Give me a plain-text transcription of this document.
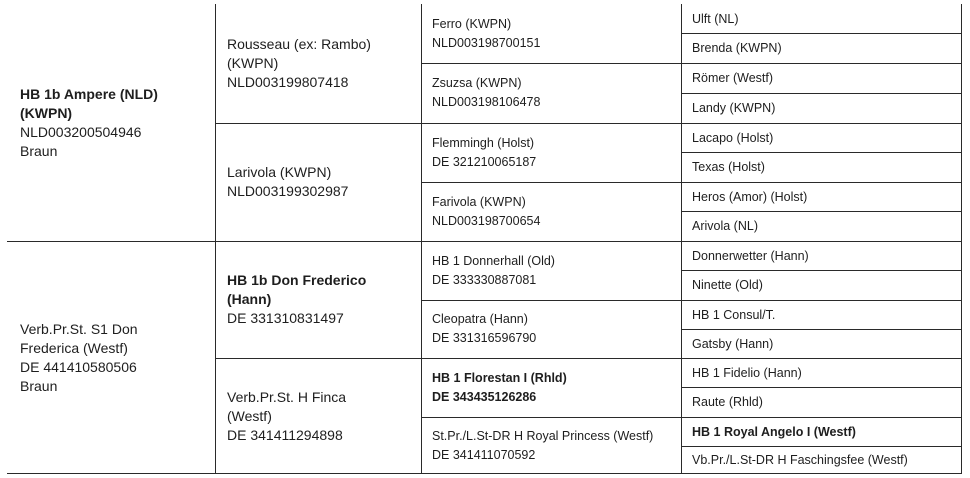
HB 1b Ampere (NLD)
(KWPN)
NLD003200504946
Braun
Verb.Pr.St. S1 Don
Frederica (Westf)
DE 441410580506
Braun
Rousseau (ex: Rambo)
(KWPN)
NLD003199807418
Larivola (KWPN)
NLD003199302987
HB 1b Don Frederico
(Hann)
DE 331310831497
Verb.Pr.St. H Finca
(Westf)
DE 341411294898
Ferro (KWPN)
NLD003198700151
Zsuzsa (KWPN)
NLD003198106478
Flemmingh (Holst)
DE 321210065187
Farivola (KWPN)
NLD003198700654
HB 1 Donnerhall (Old)
DE 333330887081
Cleopatra (Hann)
DE 331316596790
HB 1 Florestan I (Rhld)
DE 343435126286
St.Pr./L.St-DR H Royal Princess (Westf)
DE 341411070592
Ulft (NL)
Brenda (KWPN)
Römer (Westf)
Landy (KWPN)
Lacapo (Holst)
Texas (Holst)
Heros (Amor) (Holst)
Arivola (NL)
Donnerwetter (Hann)
Ninette (Old)
HB 1 Consul/T.
Gatsby (Hann)
HB 1 Fidelio (Hann)
Raute (Rhld)
HB 1 Royal Angelo I (Westf)
Vb.Pr./L.St-DR H Faschingsfee (Westf)
